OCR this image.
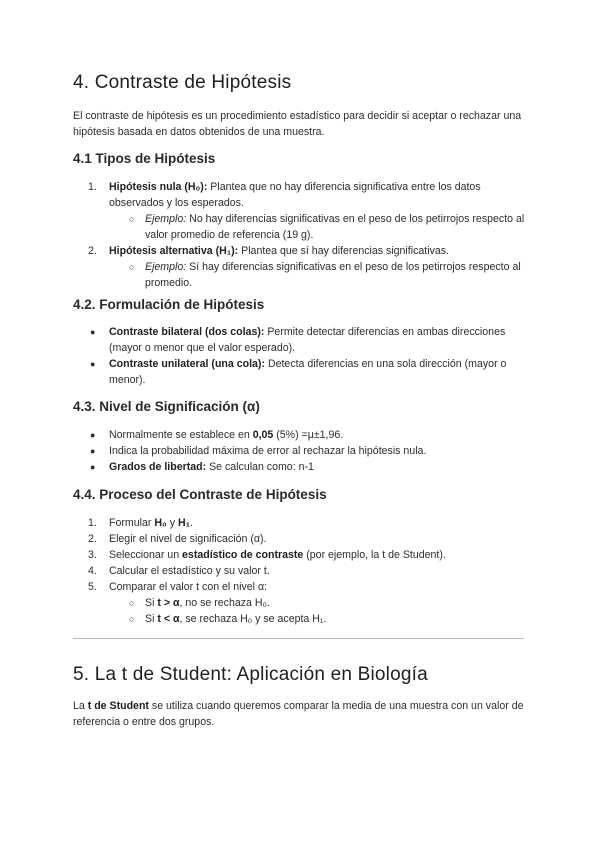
4. Contraste de Hipótesis

El contraste de hipótesis es un procedimiento estadístico para decidir si aceptar o rechazar una hipótesis basada en datos obtenidos de una muestra.

4.1 Tipos de Hipótesis
1. Hipótesis nula (H₀): Plantea que no hay diferencia significativa entre los datos observados y los esperados.
○ Ejemplo: No hay diferencias significativas en el peso de los petirrojos respecto al valor promedio de referencia (19 g).
2. Hipótesis alternativa (H₁): Plantea que sí hay diferencias significativas.
○ Ejemplo: Sí hay diferencias significativas en el peso de los petirrojos respecto al promedio.
4.2. Formulación de Hipótesis
● Contraste bilateral (dos colas): Permite detectar diferencias en ambas direcciones (mayor o menor que el valor esperado).
● Contraste unilateral (una cola): Detecta diferencias en una sola dirección (mayor o menor).
4.3. Nivel de Significación (α)
● Normalmente se establece en 0,05 (5%) =μ±1,96.
● Indica la probabilidad máxima de error al rechazar la hipótesis nula.
● Grados de libertad: Se calculan como: n-1
4.4. Proceso del Contraste de Hipótesis
1. Formular H₀ y H₁.
2. Elegir el nivel de significación (α).
3. Seleccionar un estadístico de contraste (por ejemplo, la t de Student).
4. Calcular el estadístico y su valor t.
5. Comparar el valor t con el nivel α:
○ Si t > α, no se rechaza H₀.
○ Si t < α, se rechaza H₀ y se acepta H₁.
5. La t de Student: Aplicación en Biología

La t de Student se utiliza cuando queremos comparar la media de una muestra con un valor de referencia o entre dos grupos.
